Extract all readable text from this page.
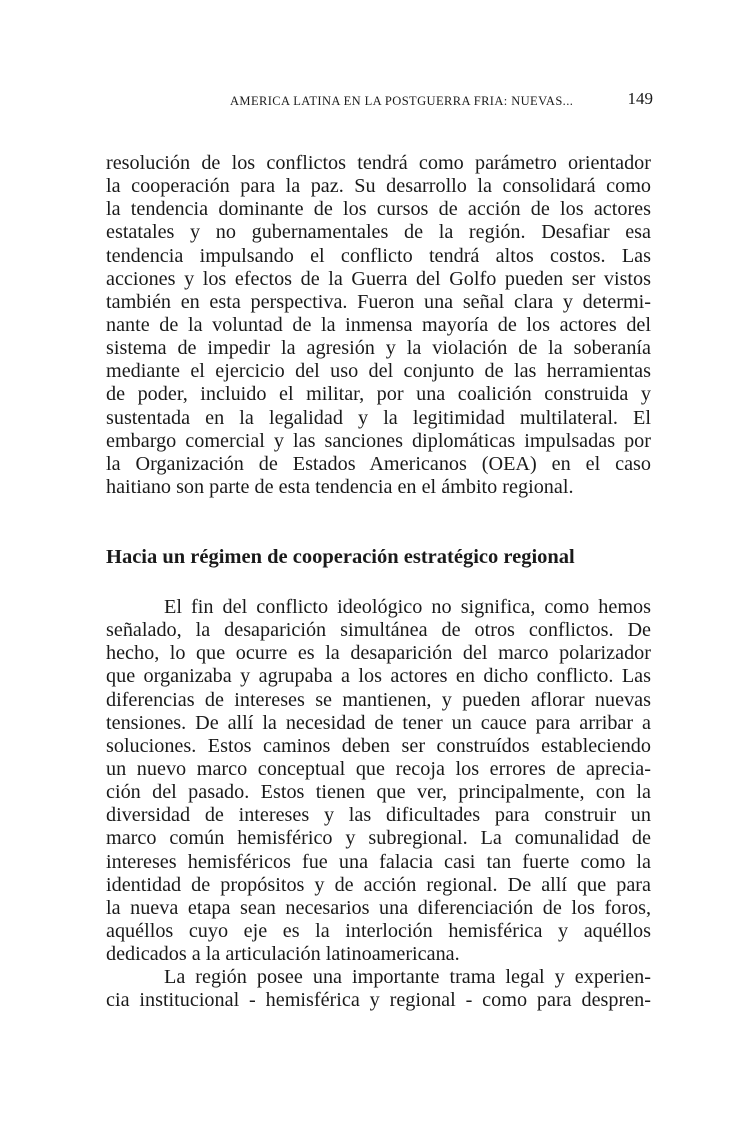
AMERICA LATINA EN LA POSTGUERRA FRIA: NUEVAS...	149
resolución de los conflictos tendrá como parámetro orientador
la cooperación para la paz. Su desarrollo la consolidará como
la tendencia dominante de los cursos de acción de los actores
estatales y no gubernamentales de la región. Desafiar esa
tendencia impulsando el conflicto tendrá altos costos. Las
acciones y los efectos de la Guerra del Golfo pueden ser vistos
también en esta perspectiva. Fueron una señal clara y determi-
nante de la voluntad de la inmensa mayoría de los actores del
sistema de impedir la agresión y la violación de la soberanía
mediante el ejercicio del uso del conjunto de las herramientas
de poder, incluido el militar, por una coalición construida y
sustentada en la legalidad y la legitimidad multilateral. El
embargo comercial y las sanciones diplomáticas impulsadas por
la Organización de Estados Americanos (OEA) en el caso
haitiano son parte de esta tendencia en el ámbito regional.
Hacia un régimen de cooperación estratégico regional
El fin del conflicto ideológico no significa, como hemos
señalado, la desaparición simultánea de otros conflictos. De
hecho, lo que ocurre es la desaparición del marco polarizador
que organizaba y agrupaba a los actores en dicho conflicto. Las
diferencias de intereses se mantienen, y pueden aflorar nuevas
tensiones. De allí la necesidad de tener un cauce para arribar a
soluciones. Estos caminos deben ser construídos estableciendo
un nuevo marco conceptual que recoja los errores de aprecia-
ción del pasado. Estos tienen que ver, principalmente, con la
diversidad de intereses y las dificultades para construir un
marco común hemisférico y subregional. La comunalidad de
intereses hemisféricos fue una falacia casi tan fuerte como la
identidad de propósitos y de acción regional. De allí que para
la nueva etapa sean necesarios una diferenciación de los foros,
aquéllos cuyo eje es la interloción hemisférica y aquéllos
dedicados a la articulación latinoamericana.
La región posee una importante trama legal y experien-
cia institucional - hemisférica y regional - como para despren-
